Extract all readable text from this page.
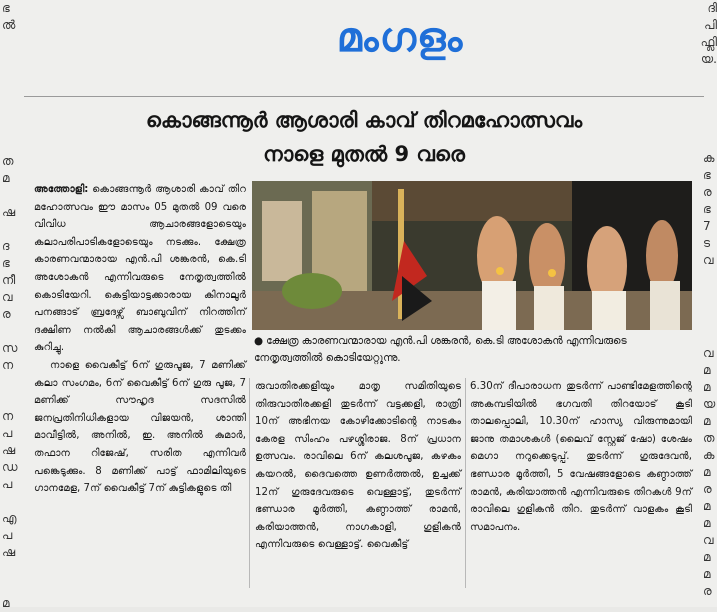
ഭ
ൽ

ത
മ

ഷ

ദ
ഭ
നീ
വ
ര

സ
ന

ന
പ
ഷ
ഡ
പ

എ
പ
ഷ

മ
ദി
പി
ഫ്ലി
യ.
ക
ഭ
ര
ഭ
7
ട
വ
വ
മ
മ
യ
മ
ത
ക
മ
ര
മ
മ
വ
മ
മ
ര
മംഗളം
കൊങ്ങന്നൂർ ആശാരി കാവ് തിറമഹോത്സവം
നാളെ മുതൽ 9 വരെ

അത്തോളി: കൊങ്ങന്നൂർ ആശാരി കാവ് തിറ മഹോത്സവം ഈ മാസം 05 മുതൽ 09 വരെ വിവിധ ആചാരങ്ങളോടെയും കലാപരിപാടികളോടെയും നടക്കും. ക്ഷേത്ര കാരണവന്മാരായ എൻ.പി ശങ്കരൻ, കെ.ടി അശോകൻ എന്നിവരുടെ നേതൃത്വത്തിൽ കൊടിയേറി. കെട്ടിയാട്ടക്കാരായ കിനാലൂർ പനങ്ങാട് ബ്രദേഴ്സ് ബാബുവിന് നിറത്തിന് ദക്ഷിണ നൽകി ആചാരങ്ങൾക്ക് തുടക്കം കുറിച്ചു.

നാളെ വൈകീട്ട് 6ന് ഗുരുപൂജ, 7 മണിക്ക് കലാ സംഗമം, 6ന് വൈകീട്ട് 6ന് ഗുരു പൂജ, 7 മണിക്ക് സൗഹൃദ സദസിൽ ജനപ്രതിനിധികളായ വിജയൻ, ശാന്തി മാവീട്ടിൽ, അനിൽ, ഇ. അനിൽ കുമാർ, തഫാന റിജേഷ്, സരിത എന്നിവർ പങ്കെടുക്കും. 8 മണിക്ക് പാട്ട് ഫാമിലിയുടെ ഗാനമേള, 7ന് വൈകീട്ട് 7ന് കുട്ടികളുടെ തി

● ക്ഷേത്ര കാരണവന്മാരായ എൻ.പി ശങ്കരൻ, കെ.ടി അശോകൻ എന്നിവരുടെ നേതൃത്വത്തിൽ കൊടിയേറ്റുന്നു.

രുവാതിരക്കളിയും മാതൃ സമിതിയുടെ തിരുവാതിരക്കളി തുടർന്ന് വട്ടക്കളി, രാത്രി 10ന് അഭിനയ കോഴിക്കോടിന്റെ നാടകം കേരള സിംഹം പഴശ്ശിരാജ. 8ന് പ്രധാന ഉത്സവം. രാവിലെ 6ന് കലശപൂജ, കഴകം കയറൽ, ദൈവത്തെ ഉണർത്തൽ, ഉച്ചക്ക് 12ന് ഗുരുദേവരുടെ വെള്ളാട്ട്, തുടർന്ന് ഭണ്ഡാര മൂർത്തി, കണ്ഠാത്ത് രാമൻ, കരിയാത്തൻ, നാഗകാളി, ഗുളികൻ എന്നിവരുടെ വെള്ളാട്ട്. വൈകീട്ട്

6.30ന് ദീപാരാധന തുടർന്ന് പാണ്ടിമേളത്തിന്റെ അകമ്പടിയിൽ ഭഗവതി തിറയോട് കൂടി താലപ്പൊലി, 10.30ന് ഹാസ്യ വിരുന്നുമായി ജാനു തമാശകൾ (ലൈവ് സ്റ്റേജ് ഷോ) ശേഷം മെഗാ നറുക്കെടുപ്പ്. തുടർന്ന് ഗുരുദേവൻ, ഭണ്ഡാര മൂർത്തി, 5 വേഷങ്ങളോടെ കണ്ഠാത്ത് രാമൻ, കരിയാത്തൻ എന്നിവരുടെ തിറകൾ 9ന് രാവിലെ ഗുളികൻ തിറ. തുടർന്ന് വാളകം കൂടി സമാപനം.
